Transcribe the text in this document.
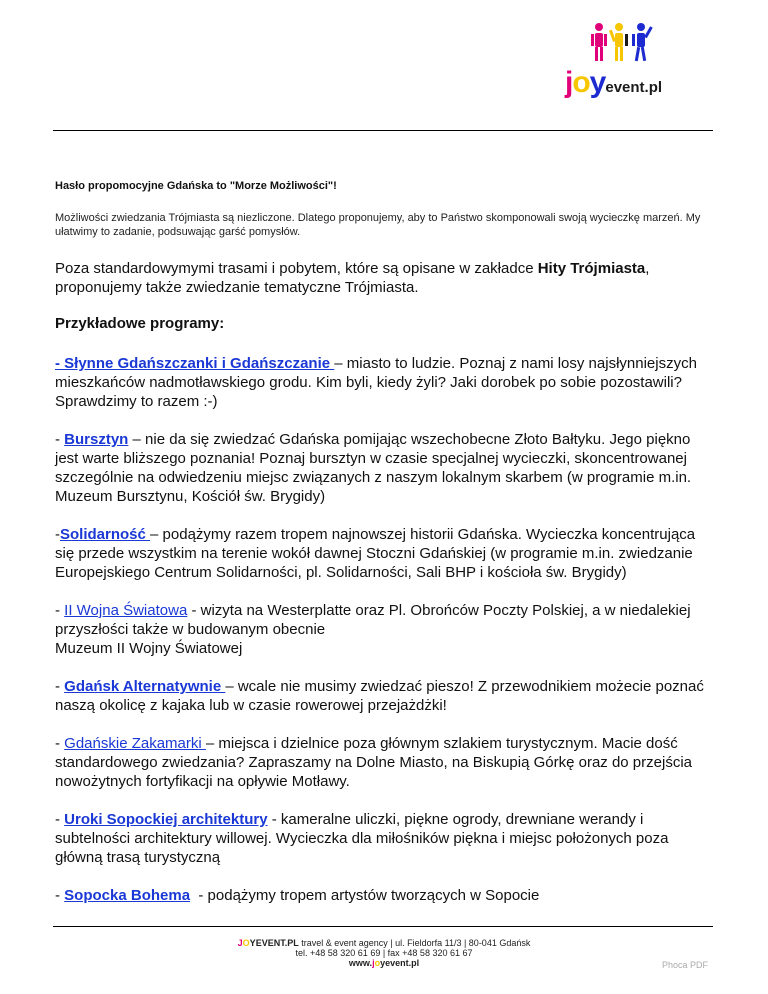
joyevent.pl

Hasło propomocyjne Gdańska to "Morze Możliwości"!

Możliwości zwiedzania Trójmiasta są niezliczone. Dlatego proponujemy, aby to Państwo skomponowali swoją wycieczkę marzeń. My ułatwimy to zadanie, podsuwając garść pomysłów.

Poza standardowymymi trasami i pobytem, które są opisane w zakładce Hity Trójmiasta, proponujemy także zwiedzanie tematyczne Trójmiasta.

Przykładowe programy:

- Słynne Gdańszczanki i Gdańszczanie – miasto to ludzie. Poznaj z nami losy najsłynniejszych mieszkańców nadmotławskiego grodu. Kim byli, kiedy żyli? Jaki dorobek po sobie pozostawili? Sprawdzimy to razem :-)

- Bursztyn – nie da się zwiedzać Gdańska pomijając wszechobecne Złoto Bałtyku. Jego piękno jest warte bliższego poznania! Poznaj bursztyn w czasie specjalnej wycieczki, skoncentrowanej szczególnie na odwiedzeniu miejsc związanych z naszym lokalnym skarbem (w programie m.in. Muzeum Bursztynu, Kościół św. Brygidy)

-Solidarność – podążymy razem tropem najnowszej historii Gdańska. Wycieczka koncentrująca się przede wszystkim na terenie wokół dawnej Stoczni Gdańskiej (w programie m.in. zwiedzanie Europejskiego Centrum Solidarności, pl. Solidarności, Sali BHP i kościoła św. Brygidy)

- II Wojna Światowa - wizyta na Westerplatte oraz Pl. Obrońców Poczty Polskiej, a w niedalekiej przyszłości także w budowanym obecnie
Muzeum II Wojny Światowej

- Gdańsk Alternatywnie – wcale nie musimy zwiedzać pieszo! Z przewodnikiem możecie poznać naszą okolicę z kajaka lub w czasie rowerowej przejażdżki!

- Gdańskie Zakamarki – miejsca i dzielnice poza głównym szlakiem turystycznym. Macie dość standardowego zwiedzania? Zapraszamy na Dolne Miasto, na Biskupią Górkę oraz do przejścia nowożytnych fortyfikacji na opływie Motławy.

- Uroki Sopockiej architektury - kameralne uliczki, piękne ogrody, drewniane werandy i subtelności architektury willowej. Wycieczka dla miłośników piękna i miejsc położonych poza główną trasą turystyczną

- Sopocka Bohema  - podążymy tropem artystów tworzących w Sopocie

JOYEVENT.PL travel & event agency | ul. Fieldorfa 11/3 | 80-041 Gdańsk
tel. +48 58 320 61 69 | fax +48 58 320 61 67
www.joyevent.pl	Phoca PDF
